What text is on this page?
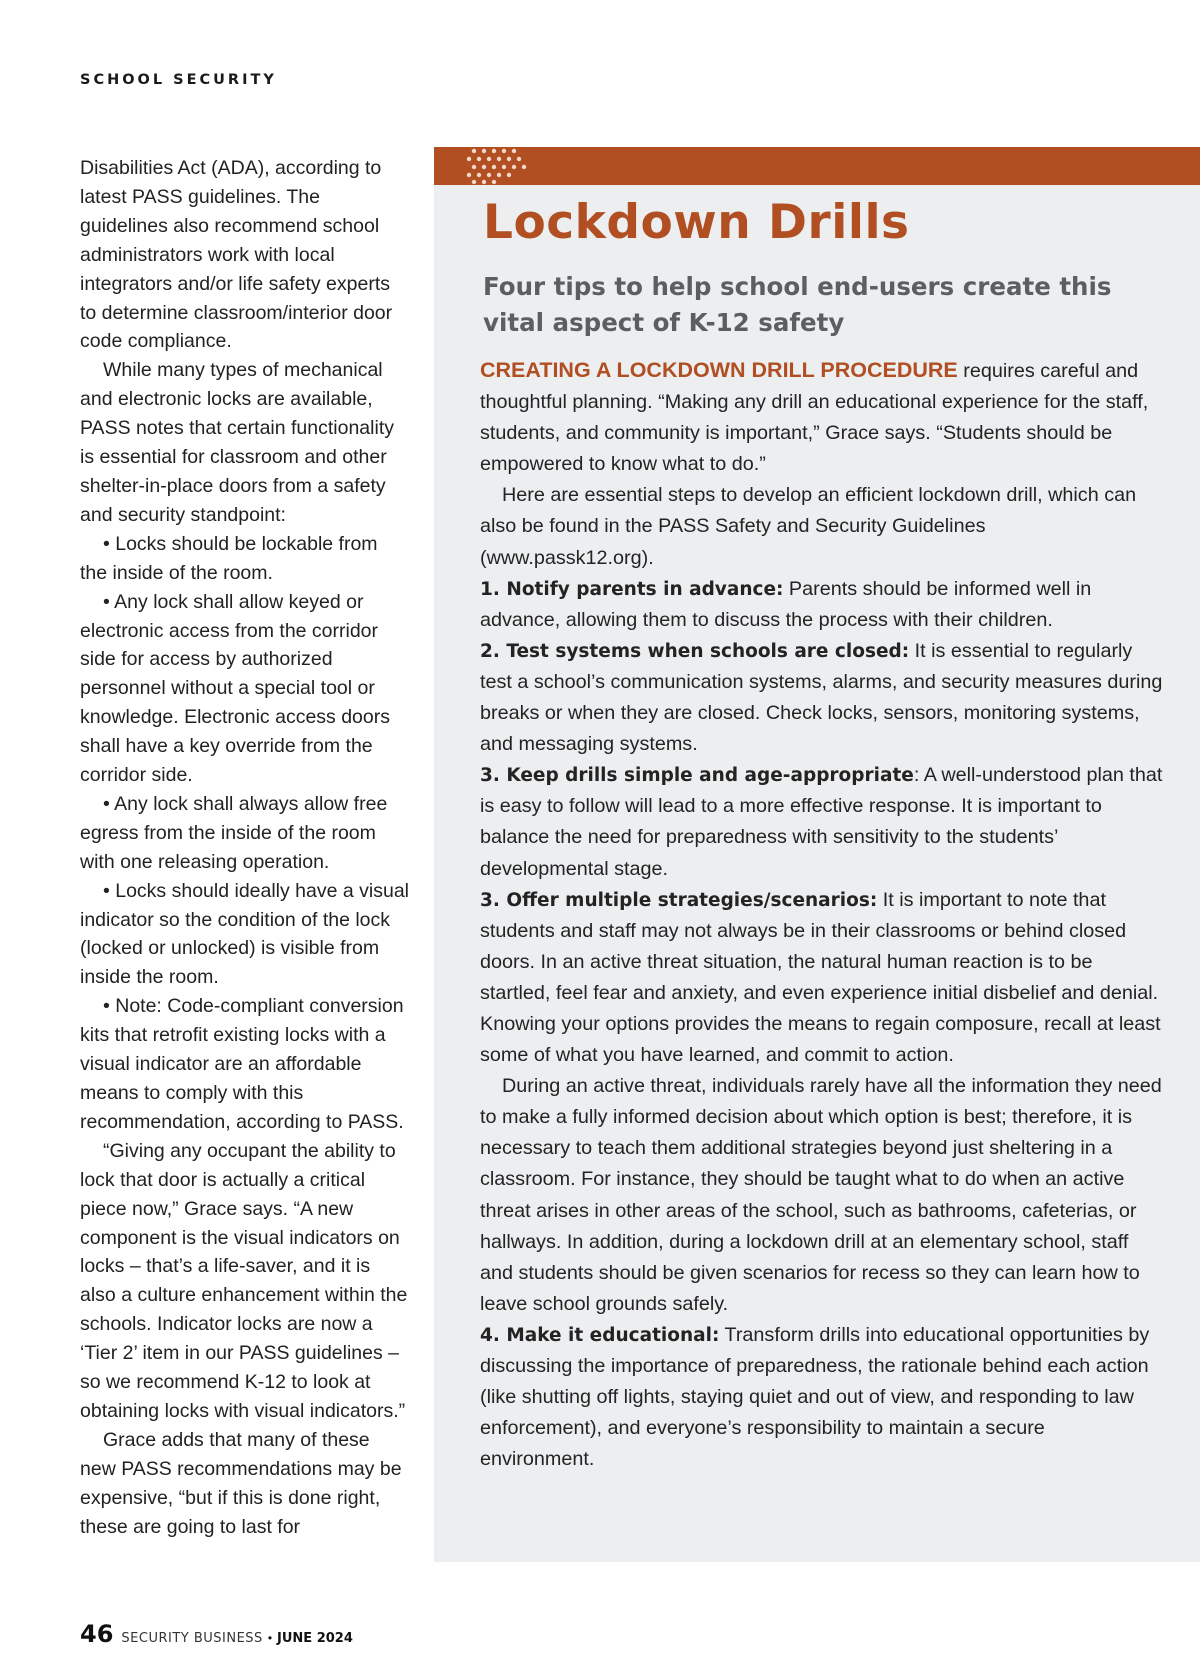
SCHOOL SECURITY

Disabilities Act (ADA), according to latest PASS guidelines. The guidelines also recommend school administrators work with local integrators and/or life safety experts to determine classroom/interior door code compliance.

While many types of mechanical and electronic locks are available, PASS notes that certain functionality is essential for classroom and other shelter-in-place doors from a safety and security standpoint:

• Locks should be lockable from the inside of the room.

• Any lock shall allow keyed or electronic access from the corridor side for access by authorized personnel without a special tool or knowledge. Electronic access doors shall have a key override from the corridor side.

• Any lock shall always allow free egress from the inside of the room with one releasing operation.

• Locks should ideally have a visual indicator so the condition of the lock (locked or unlocked) is visible from inside the room.

• Note: Code-compliant conversion kits that retrofit existing locks with a visual indicator are an affordable means to comply with this recommendation, according to PASS.

“Giving any occupant the ability to lock that door is actually a critical piece now,” Grace says. “A new component is the visual indicators on locks – that’s a life-saver, and it is also a culture enhancement within the schools. Indicator locks are now a ‘Tier 2’ item in our PASS guidelines – so we recommend K-12 to look at obtaining locks with visual indicators.”

Grace adds that many of these new PASS recommendations may be expensive, “but if this is done right, these are going to last for

Lockdown Drills
Four tips to help school end-users create this vital aspect of K-12 safety

CREATING A LOCKDOWN DRILL PROCEDURE requires careful and thoughtful planning. “Making any drill an educational experience for the staff, students, and community is important,” Grace says. “Students should be empowered to know what to do.”

Here are essential steps to develop an efficient lockdown drill, which can also be found in the PASS Safety and Security Guidelines (www.passk12.org).

1. Notify parents in advance: Parents should be informed well in advance, allowing them to discuss the process with their children.

2. Test systems when schools are closed: It is essential to regularly test a school’s communication systems, alarms, and security measures during breaks or when they are closed. Check locks, sensors, monitoring systems, and messaging systems.

3. Keep drills simple and age-appropriate: A well-understood plan that is easy to follow will lead to a more effective response. It is important to balance the need for preparedness with sensitivity to the students’ developmental stage.

3. Offer multiple strategies/scenarios: It is important to note that students and staff may not always be in their classrooms or behind closed doors. In an active threat situation, the natural human reaction is to be startled, feel fear and anxiety, and even experience initial disbelief and denial. Knowing your options provides the means to regain composure, recall at least some of what you have learned, and commit to action.

During an active threat, individuals rarely have all the information they need to make a fully informed decision about which option is best; therefore, it is necessary to teach them additional strategies beyond just sheltering in a classroom. For instance, they should be taught what to do when an active threat arises in other areas of the school, such as bathrooms, cafeterias, or hallways. In addition, during a lockdown drill at an elementary school, staff and students should be given scenarios for recess so they can learn how to leave school grounds safely.

4. Make it educational: Transform drills into educational opportunities by discussing the importance of preparedness, the rationale behind each action (like shutting off lights, staying quiet and out of view, and responding to law enforcement), and everyone’s responsibility to maintain a secure environment.

46 SECURITY BUSINESS • JUNE 2024
